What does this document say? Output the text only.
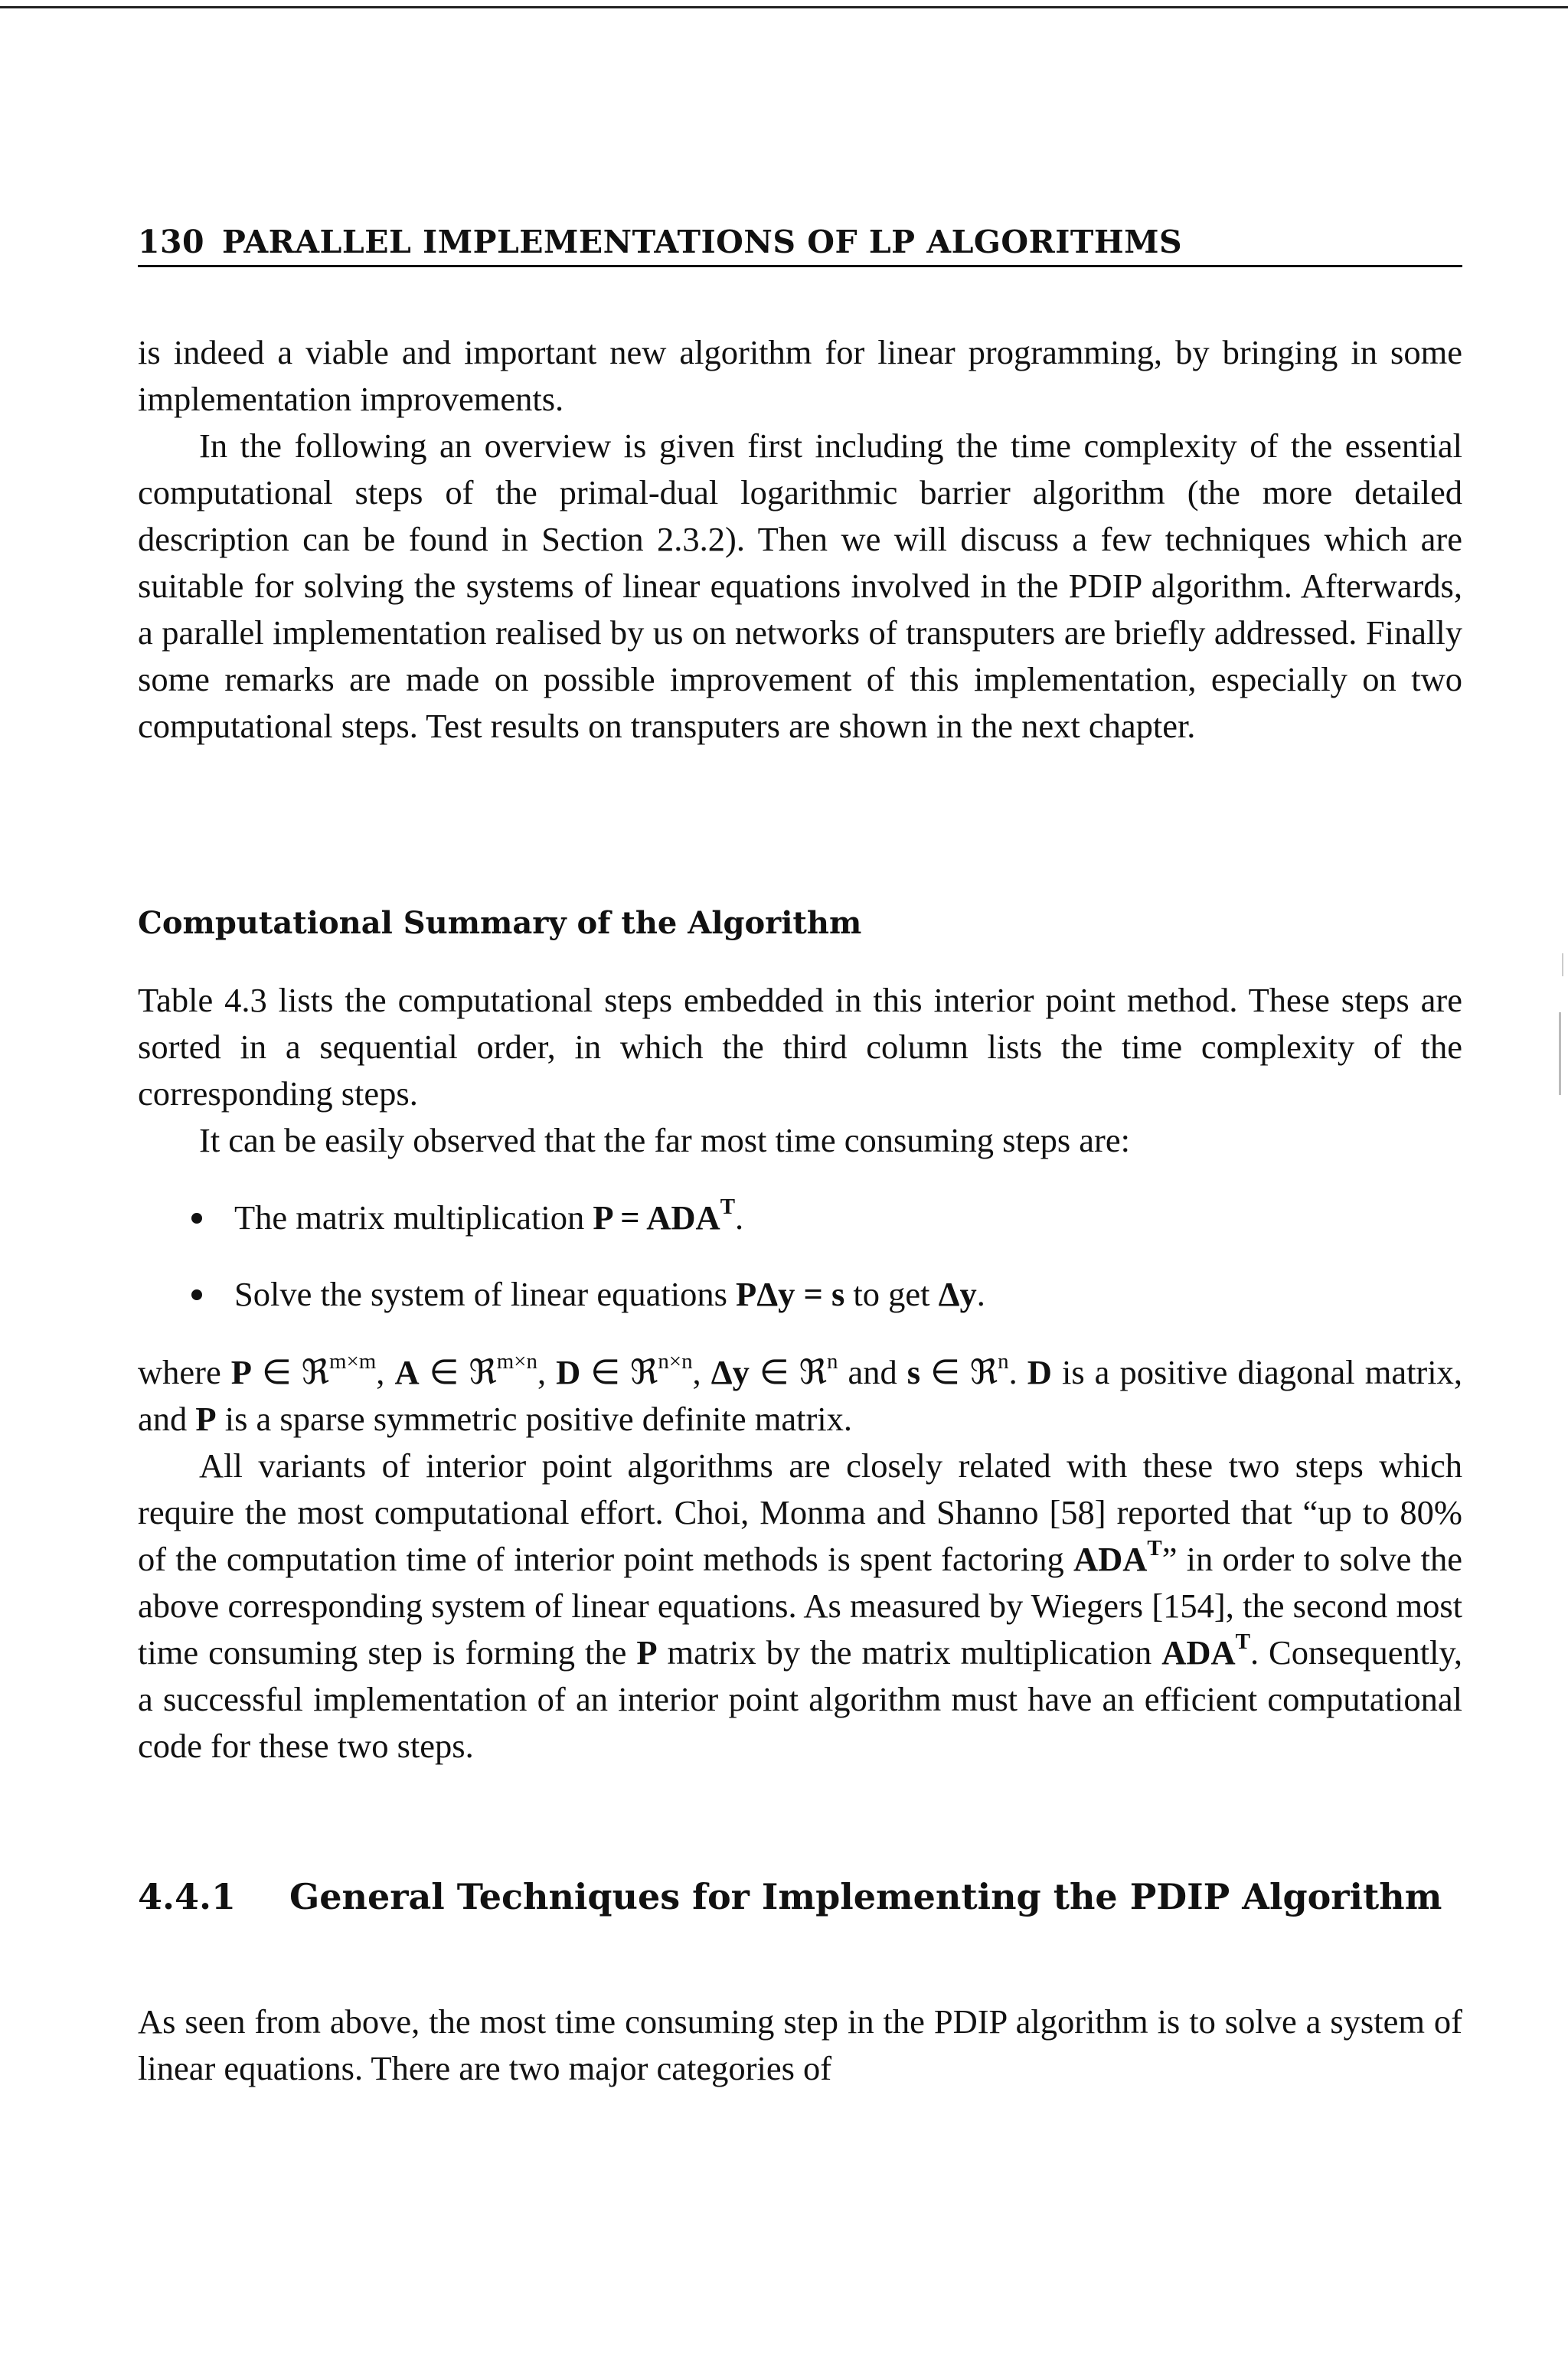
130 PARALLEL IMPLEMENTATIONS OF LP ALGORITHMS

is indeed a viable and important new algorithm for linear programming, by bringing in some implementation improvements.

In the following an overview is given first including the time complexity of the essential computational steps of the primal-dual logarithmic barrier algorithm (the more detailed description can be found in Section 2.3.2). Then we will discuss a few techniques which are suitable for solving the systems of linear equations involved in the PDIP algorithm. Afterwards, a parallel implementation realised by us on networks of transputers are briefly addressed. Finally some remarks are made on possible improvement of this implementation, especially on two computational steps. Test results on transputers are shown in the next chapter.

Computational Summary of the Algorithm

Table 4.3 lists the computational steps embedded in this interior point method. These steps are sorted in a sequential order, in which the third column lists the time complexity of the corresponding steps.

It can be easily observed that the far most time consuming steps are:

The matrix multiplication $P = ADA^T$.
Solve the system of linear equations PΔy = s to get Δy.

where P ∈ ℜ$^{m\times m}$, A ∈ ℜ$^{m\times n}$, D ∈ ℜ$^{n\times n}$, Δy ∈ ℜ$^n$ and s ∈ ℜ$^n$. D is a positive diagonal matrix, and P is a sparse symmetric positive definite matrix.

All variants of interior point algorithms are closely related with these two steps which require the most computational effort. Choi, Monma and Shanno [58] reported that “up to 80% of the computation time of interior point methods is spent factoring $ADA^T$” in order to solve the above corresponding system of linear equations. As measured by Wiegers [154], the second most time consuming step is forming the P matrix by the matrix multiplication $ADA^T$. Consequently, a successful implementation of an interior point algorithm must have an efficient computational code for these two steps.

4.4.1 General Techniques for Implementing the PDIP Algorithm

As seen from above, the most time consuming step in the PDIP algorithm is to solve a system of linear equations. There are two major categories of
